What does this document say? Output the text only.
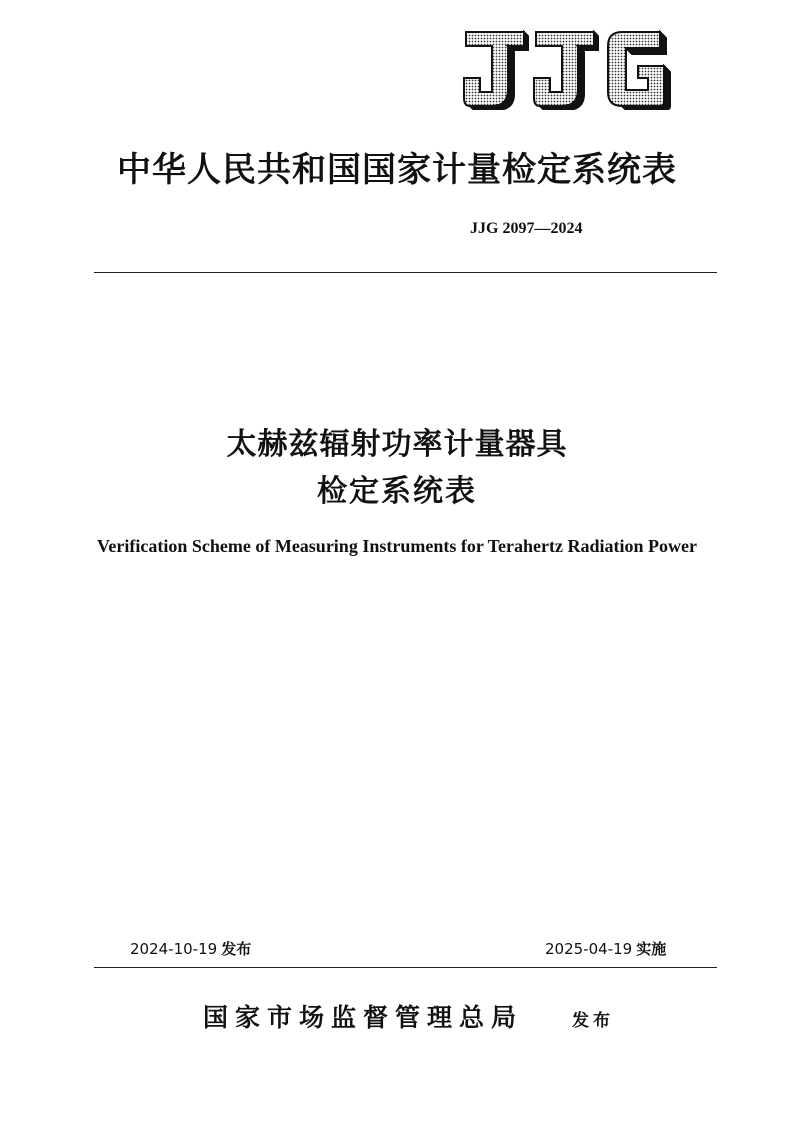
中华人民共和国国家计量检定系统表
JJG 2097—2024
太赫兹辐射功率计量器具
检定系统表
Verification Scheme of Measuring Instruments for Terahertz Radiation Power
2024-10-19 发布	2025-04-19 实施
国家市场监督管理总局	发布
